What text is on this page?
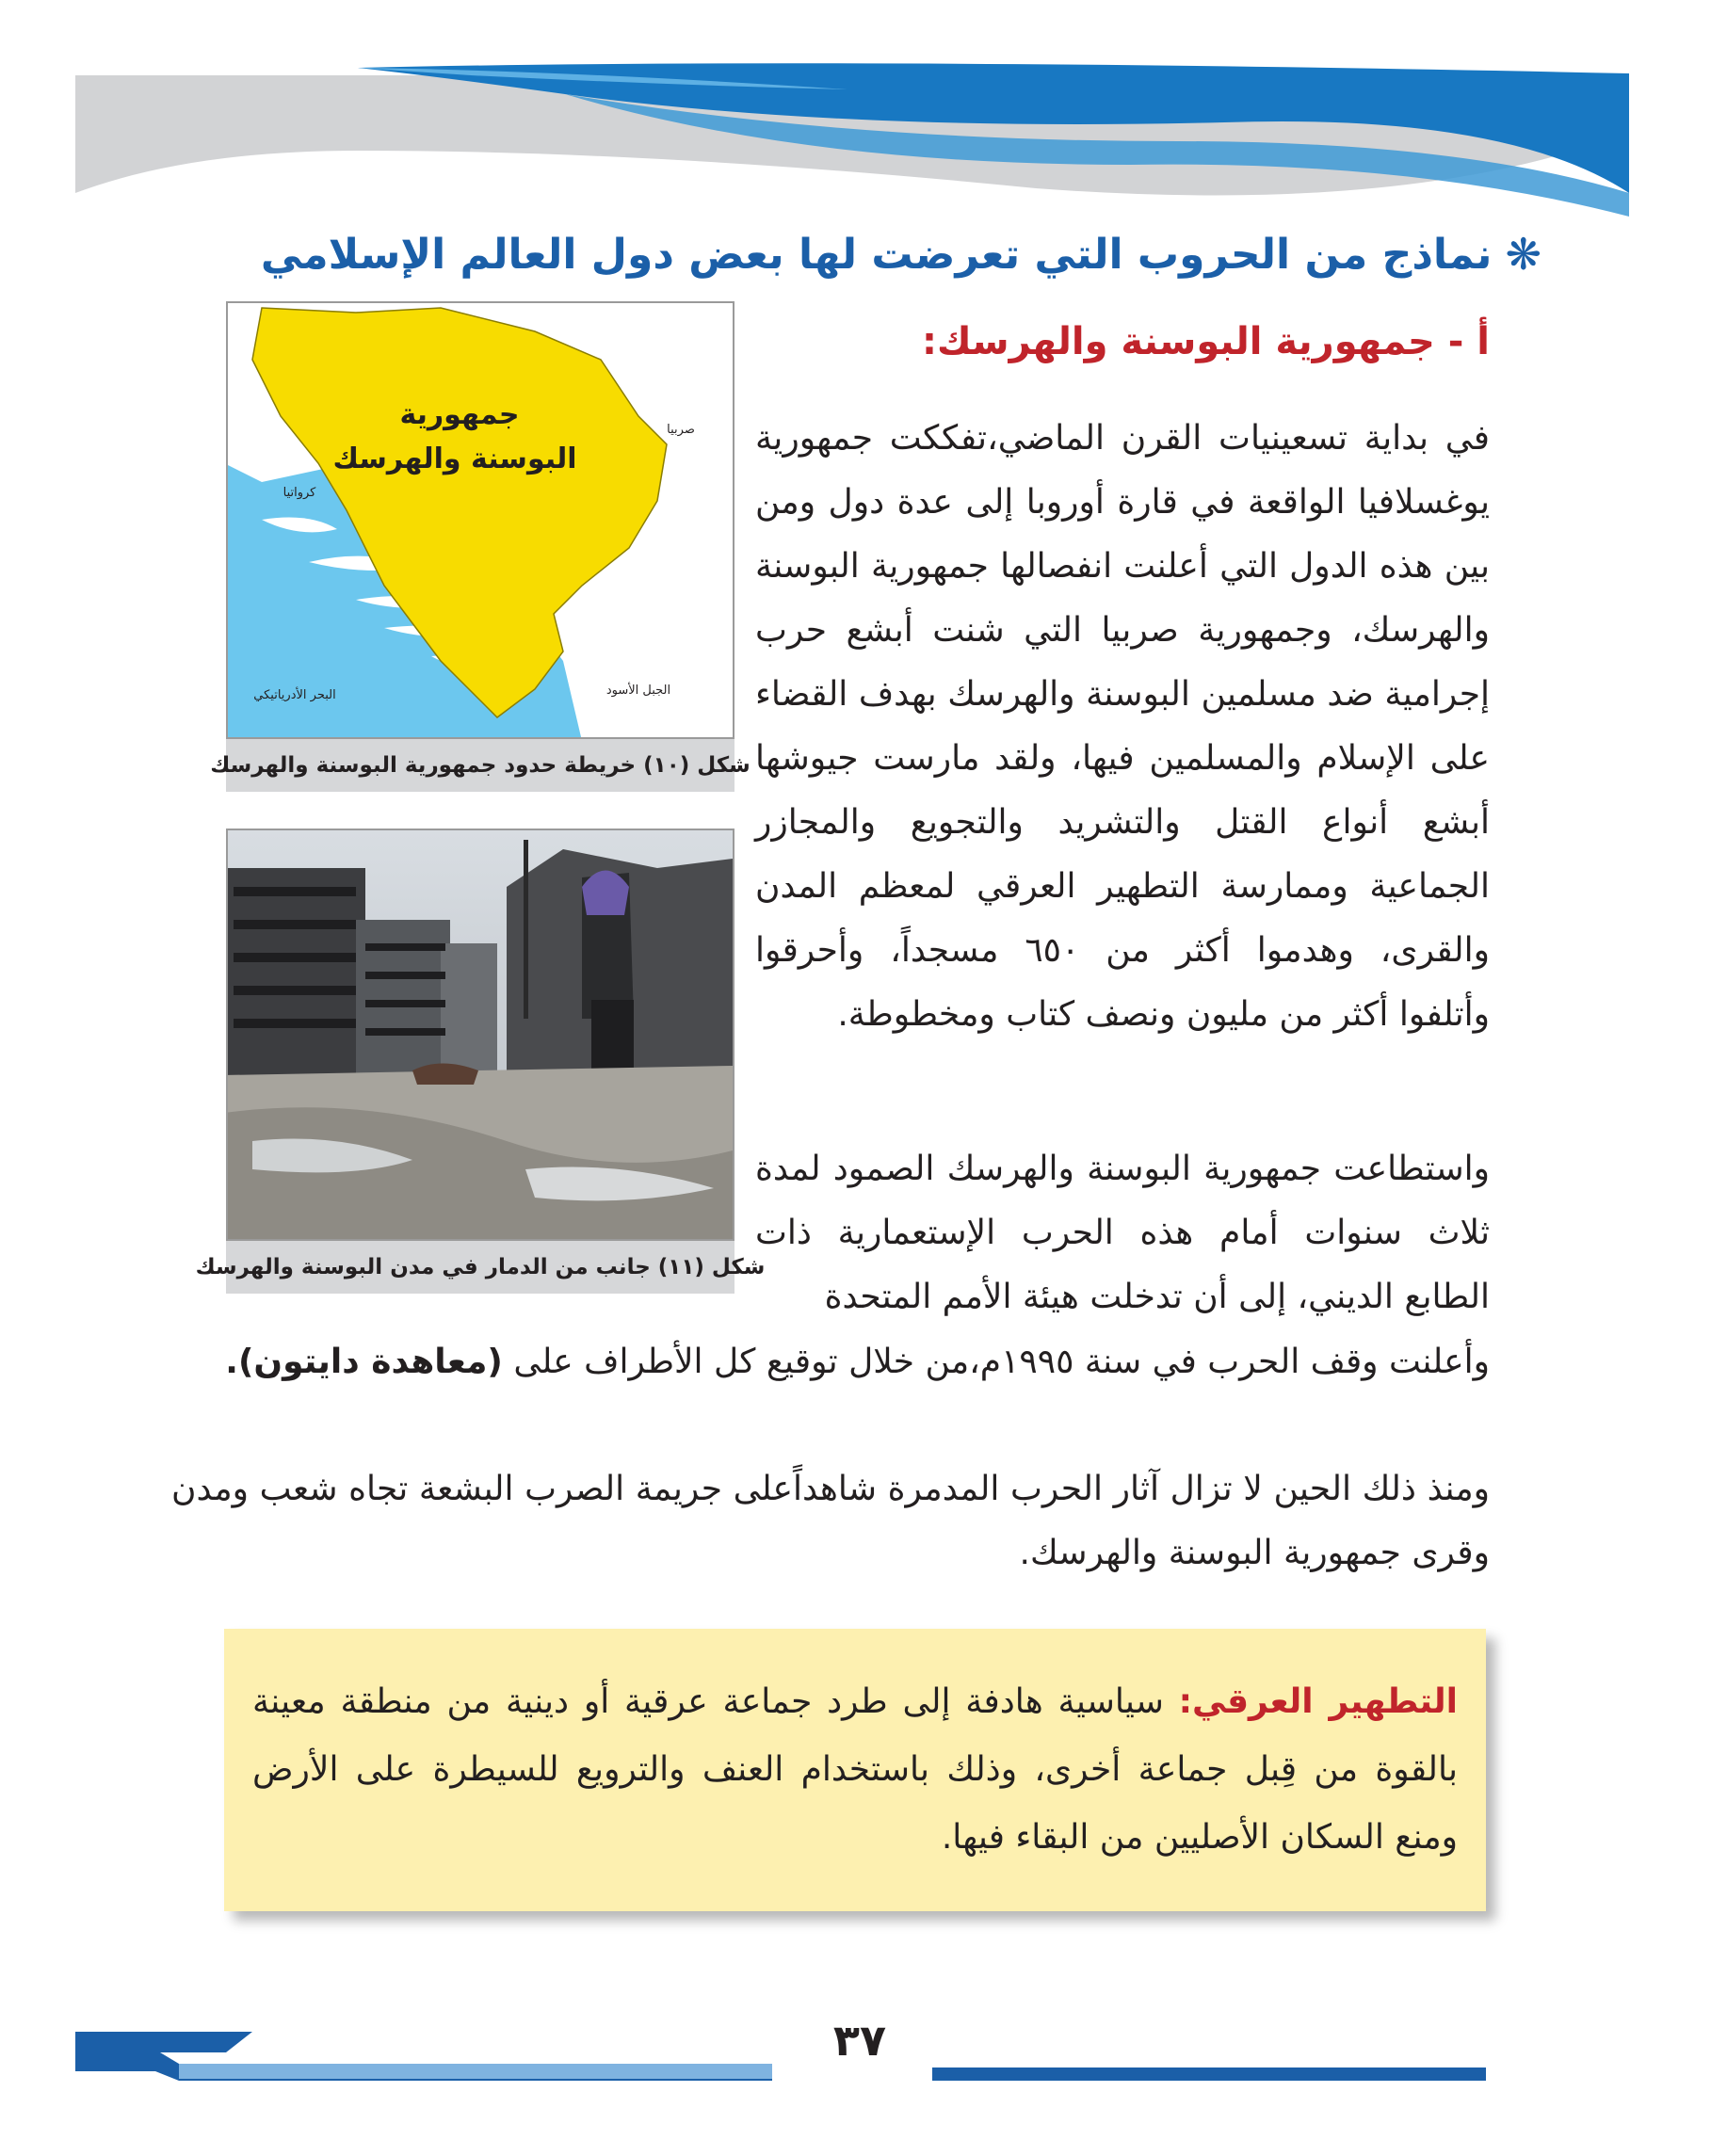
❋
نماذج من الحروب التي تعرضت لها بعض دول العالم الإسلامي
أ - جمهورية البوسنة والهرسك:
في بداية تسعينيات القرن الماضي،تفككت جمهورية يوغسلافيا الواقعة في قارة أوروبا إلى عدة دول ومن بين هذه الدول التي أعلنت انفصالها جمهورية البوسنة والهرسك، وجمهورية صربيا التي شنت أبشع حرب إجرامية ضد مسلمين البوسنة والهرسك بهدف القضاء على الإسلام والمسلمين فيها، ولقد مارست جيوشها أبشع أنواع القتل والتشريد والتجويع والمجازر الجماعية وممارسة التطهير العرقي لمعظم المدن والقرى، وهدموا أكثر من ٦٥٠ مسجداً، وأحرقوا وأتلفوا أكثر من مليون ونصف كتاب ومخطوطة.
واستطاعت جمهورية البوسنة والهرسك الصمود لمدة ثلاث سنوات أمام هذه الحرب الإستعمارية ذات الطابع الديني، إلى أن تدخلت هيئة الأمم المتحدة
وأعلنت وقف الحرب في سنة ١٩٩٥م،من خلال توقيع كل الأطراف على (معاهدة دايتون).
ومنذ ذلك الحين لا تزال آثار الحرب المدمرة شاهداًعلى جريمة الصرب البشعة تجاه شعب ومدن وقرى جمهورية البوسنة والهرسك.
جمهورية
البوسنة والهرسك
كرواتيا
صربيا
البحر الأدرياتيكي	الجبل الأسود
شكل (١٠) خريطة حدود جمهورية البوسنة والهرسك
شكل (١١) جانب من الدمار في مدن البوسنة والهرسك
التطهير العرقي: سياسية هادفة إلى طرد جماعة عرقية أو دينية من منطقة معينة بالقوة من قِبل جماعة أخرى، وذلك باستخدام العنف والترويع للسيطرة على الأرض ومنع السكان الأصليين من البقاء فيها.
٣٧
